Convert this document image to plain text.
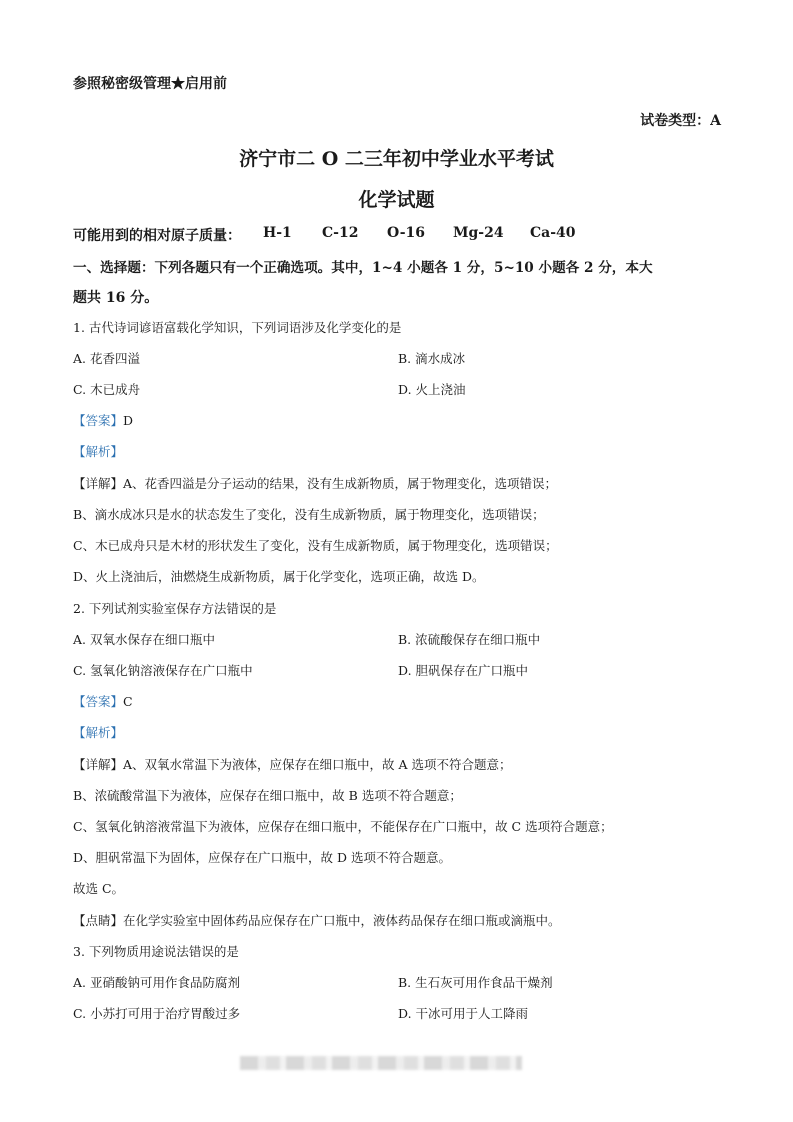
参照秘密级管理★启用前
试卷类型：A
济宁市二 O 二三年初中学业水平考试
化学试题
可能用到的相对原子质量： H-1 C-12 O-16 Mg-24 Ca-40
一、选择题：下列各题只有一个正确选项。其中，1~4 小题各 1 分，5~10 小题各 2 分，本大
题共 16 分。
1. 古代诗词谚语富载化学知识，下列词语涉及化学变化的是
A. 花香四溢	B. 滴水成冰
C. 木已成舟	D. 火上浇油
【答案】D
【解析】
【详解】A、花香四溢是分子运动的结果，没有生成新物质，属于物理变化，选项错误；
B、滴水成冰只是水的状态发生了变化，没有生成新物质，属于物理变化，选项错误；
C、木已成舟只是木材的形状发生了变化，没有生成新物质，属于物理变化，选项错误；
D、火上浇油后，油燃烧生成新物质，属于化学变化，选项正确，故选 D。
2. 下列试剂实验室保存方法错误的是
A. 双氧水保存在细口瓶中	B. 浓硫酸保存在细口瓶中
C. 氢氧化钠溶液保存在广口瓶中	D. 胆矾保存在广口瓶中
【答案】C
【解析】
【详解】A、双氧水常温下为液体，应保存在细口瓶中，故 A 选项不符合题意；
B、浓硫酸常温下为液体，应保存在细口瓶中，故 B 选项不符合题意；
C、氢氧化钠溶液常温下为液体，应保存在细口瓶中，不能保存在广口瓶中，故 C 选项符合题意；
D、胆矾常温下为固体，应保存在广口瓶中，故 D 选项不符合题意。
故选 C。
【点睛】在化学实验室中固体药品应保存在广口瓶中，液体药品保存在细口瓶或滴瓶中。
3. 下列物质用途说法错误的是
A. 亚硝酸钠可用作食品防腐剂	B. 生石灰可用作食品干燥剂
C. 小苏打可用于治疗胃酸过多	D. 干冰可用于人工降雨
